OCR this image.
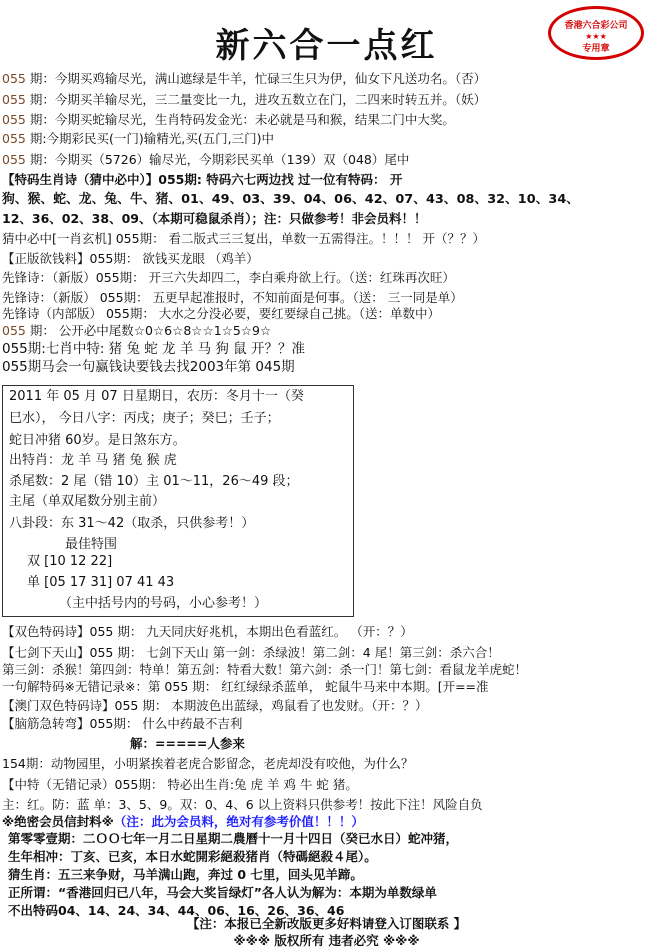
新六合一点红	香港六合彩公司
★★★
专用章
055 期：今期买鸡输尽光，满山遮绿是牛羊，忙碌三生只为伊，仙女下凡送功名。（否）
055 期：今期买羊输尽光，三二量变比一九，进攻五数立在门，二四来时转五并。（妖）
055 期：今期买蛇输尽光，生肖特码发金光：未必就是马和猴，结果二门中大奖。
055 期:今期彩民买(一门)输精光,买(五门,三门)中
055 期：今期买（5726）输尽光，今期彩民买单（139）双（048）尾中
【特码生肖诗（猜中必中）】055期: 特码六七两边找 过一位有特码： 开
狗、猴、蛇、龙、兔、牛、猪、01、49、03、39、04、06、42、07、43、08、32、10、34、
12、36、02、38、09、（本期可稳鼠杀肖）；注：只做参考！非会员料！！
猜中必中[一肖玄机] 055期： 看二版式三三复出，单数一五需得注。！！！ 开（？？）
【正版欲钱料】055期： 欲钱买龙眼 （鸡羊）
先锋诗：（新版）055期： 开三六失却四二，李白乘舟欲上行。（送：红珠再次旺）
先锋诗：（新版） 055期： 五更早起准报时，不知前面是何事。（送： 三一同是单）
先锋诗（内部版） 055期： 大水之分没必要，要红要绿自己挑。（送：单数中）
055 期： 公开必中尾数☆0☆6☆8☆☆1☆5☆9☆
055期:七肖中特: 猪 兔 蛇 龙 羊 马 狗 鼠 开？？准
055期马会一句赢钱诀要钱去找2003年第 045期
2011 年 05 月 07 日星期日，农历：冬月十一（癸
巳水）， 今日八字：丙戌；庚子；癸巳；壬子；
蛇日冲猪 60岁。是日煞东方。
出特肖：龙 羊 马 猪 兔 猴 虎
杀尾数：2 尾（错 10）主 01～11，26～49 段；
主尾（单双尾数分别主前）
八卦段：东 31～42（取杀，只供参考！）
最佳特围
双 [10 12 22]
单 [05 17 31] 07 41 43
（主中括号内的号码，小心参考！）
【双色特码诗】055 期： 九天同庆好兆机，本期出色看蓝红。 （开：？）
【七剑下天山】055 期： 七剑下天山 第一剑：杀绿波！第二剑：4 尾！第三剑：杀六合！
第三剑：杀猴！第四剑：特单！第五剑：特看大数！第六剑：杀一门！第七剑：看鼠龙羊虎蛇！
一句解特码※无错记录※：第 055 期： 红红绿绿杀蓝单， 蛇鼠牛马来中本期。[开==准
【澳门双色特码诗】055 期： 本期波色出蓝绿，鸡鼠看了也发财。（开：？）
【脑筋急转弯】055期： 什么中药最不吉利
解：=====人参来
154期：动物园里，小明紧挨着老虎合影留念，老虎却没有咬他，为什么？
【中特（无错记录）055期： 特必出生肖:兔 虎 羊 鸡 牛 蛇 猪。
主：红。防：蓝 单：3、5、9。双：0、4、6 以上资料只供参考！按此下注！风险自负
※绝密会员信封料※（注：此为会员料，绝对有参考价值！！！）
第零零壹期：二ＯＯ七年一月二日星期二農曆十一月十四日（癸已水日）蛇冲猪，
生年相冲：丁亥、已亥，本日水蛇開彩絕殺猪肖（特碼絕殺４尾）。
猜生肖：五三来争财，马羊满山跑，奔过 0 七里，回头见羊蹄。
正所谓：“香港回归已八年，马会大奖旨绿灯”各人认为解为：本期为单数绿单
不出特码04、14、24、34、44、06、16、26、36、46
【注：本报已全新改版更多好料请登入订图联系 】
※※※ 版权所有 违者必究 ※※※
